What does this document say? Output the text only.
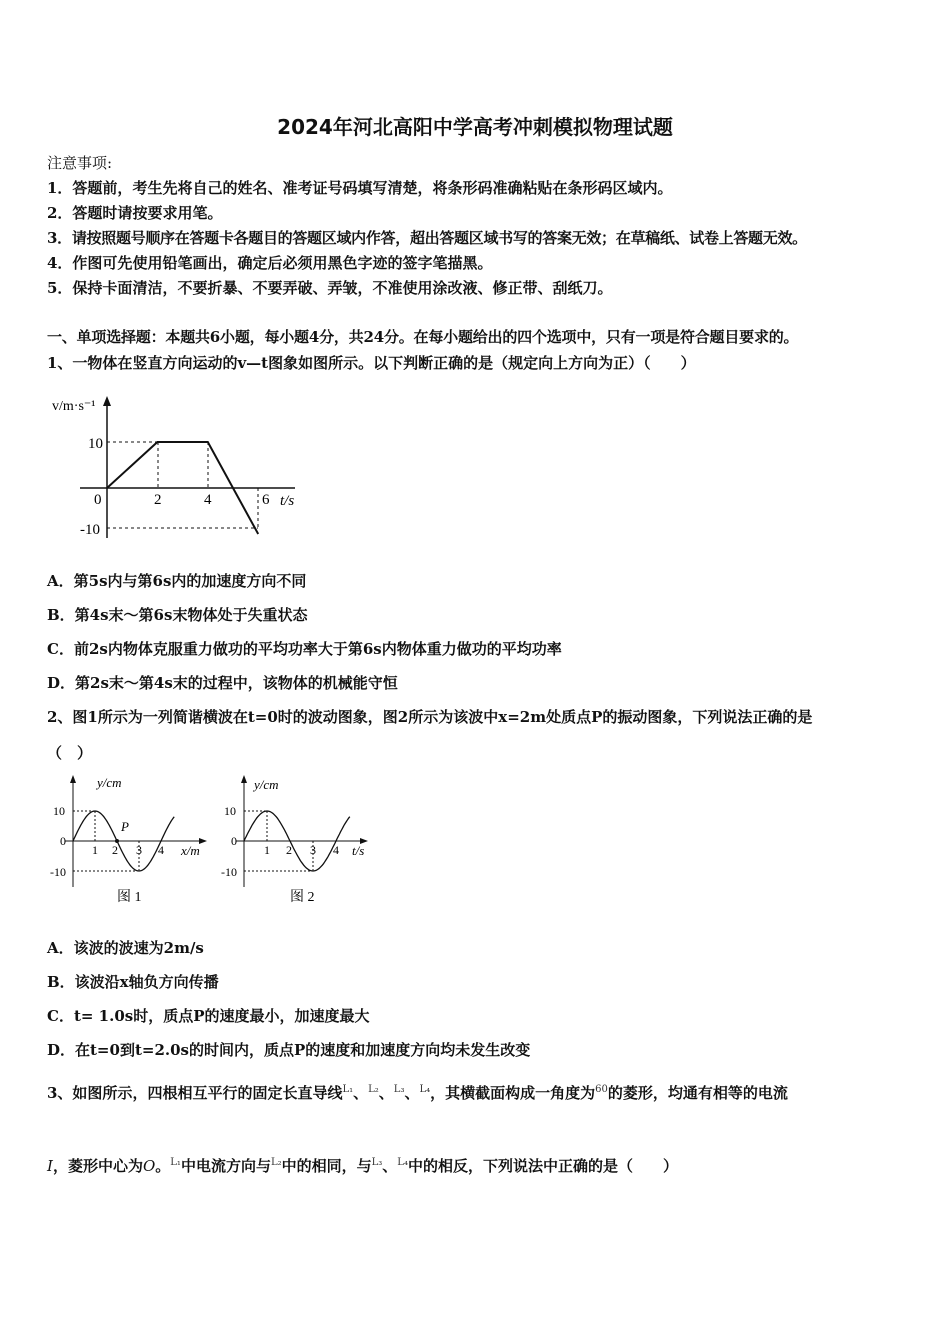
2024年河北高阳中学高考冲刺模拟物理试题
注意事项:
1．答题前，考生先将自己的姓名、准考证号码填写清楚，将条形码准确粘贴在条形码区域内。
2．答题时请按要求用笔。
3．请按照题号顺序在答题卡各题目的答题区域内作答，超出答题区域书写的答案无效；在草稿纸、试卷上答题无效。
4．作图可先使用铅笔画出，确定后必须用黑色字迹的签字笔描黑。
5．保持卡面清洁，不要折暴、不要弄破、弄皱，不准使用涂改液、修正带、刮纸刀。
一、单项选择题：本题共6小题，每小题4分，共24分。在每小题给出的四个选项中，只有一项是符合题目要求的。
1、一物体在竖直方向运动的v—t图象如图所示。以下判断正确的是（规定向上方向为正）（　　）
v/m·s⁻¹
10
-10
0	2	4	6 t/s
A．第5s内与第6s内的加速度方向不同
B．第4s末～第6s末物体处于失重状态
C．前2s内物体克服重力做功的平均功率大于第6s内物体重力做功的平均功率
D．第2s末～第4s末的过程中，该物体的机械能守恒
2、图1所示为一列简谐横波在t=0时的波动图象，图2所示为该波中x=2m处质点P的振动图象，下列说法正确的是
（　）
y/cm
10
0
-10
1 2 3 4
P
x/m
图 1
y/cm
10
0
-10
1 2 3 4 t/s
图 2
A．该波的波速为2m/s
B．该波沿x轴负方向传播
C．t= 1.0s时，质点P的速度最小，加速度最大
D．在t=0到t=2.0s的时间内，质点P的速度和加速度方向均未发生改变
3、如图所示，四根相互平行的固定长直导线$^{L_1}$、$^{L_2}$、$^{L_3}$、$^{L_4}$，其横截面构成一角度为$^{60}$的菱形，均通有相等的电流
I，菱形中心为O。$^{L_1}$中电流方向与$^{L_2}$中的相同，与$^{L_3}$、$^{L_4}$中的相反，下列说法中正确的是（　　）
